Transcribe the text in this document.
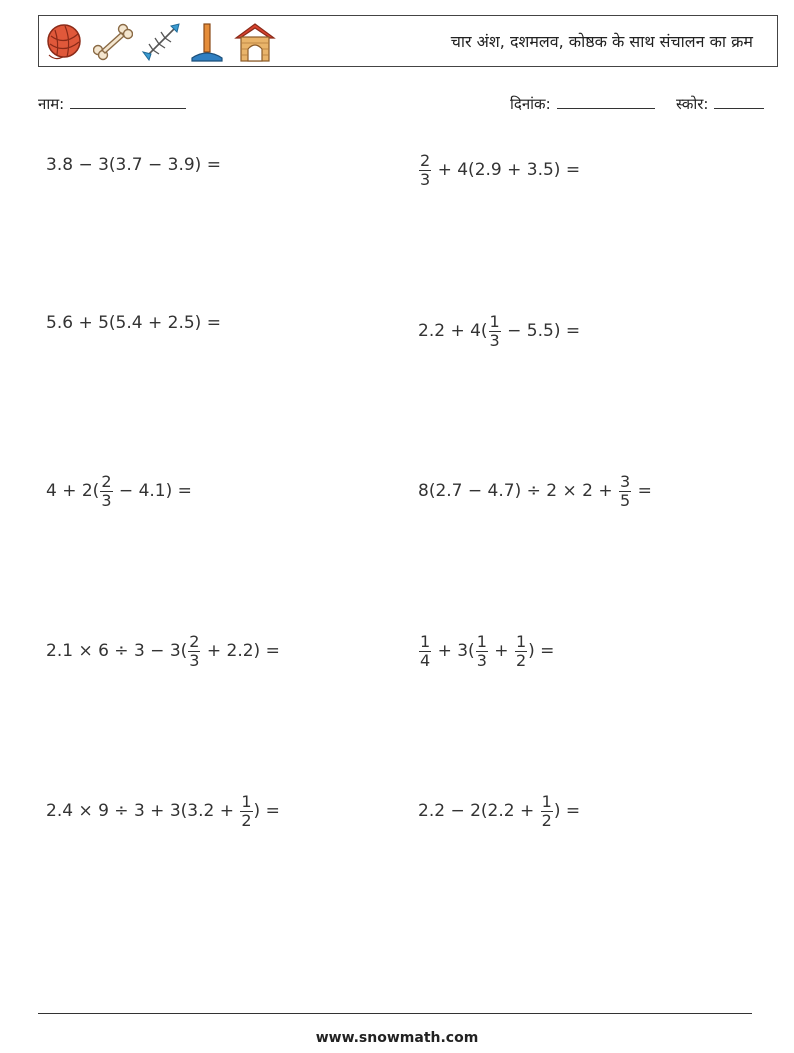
चार अंश, दशमलव, कोष्ठक के साथ संचालन का क्रम
नाम:	दिनांक:	स्कोर:
3.8 − 3(3.7 − 3.9) =	$\frac{2}{3} + 4(2.9 + 3.5)$ =
5.6 + 5(5.4 + 2.5) =	$2.2 + 4( \frac{1}{3} - 5.5)$ =
$4 + 2( \frac{2}{3} - 4.1)$ =	$8(2.7 - 4.7) \div 2 \times 2 + \frac{3}{5}$ =
$2.1 \times 6 \div 3 - 3( \frac{2}{3} + 2.2)$ =	$\frac{1}{4} + 3( \frac{1}{3} + \frac{1}{2}$ ) =
$2.4 \times 9 \div 3 + 3(3.2 + \frac{1}{2}$ ) =	$2.2 - 2(2.2 + \frac{1}{2}$ ) =
www.snowmath.com
